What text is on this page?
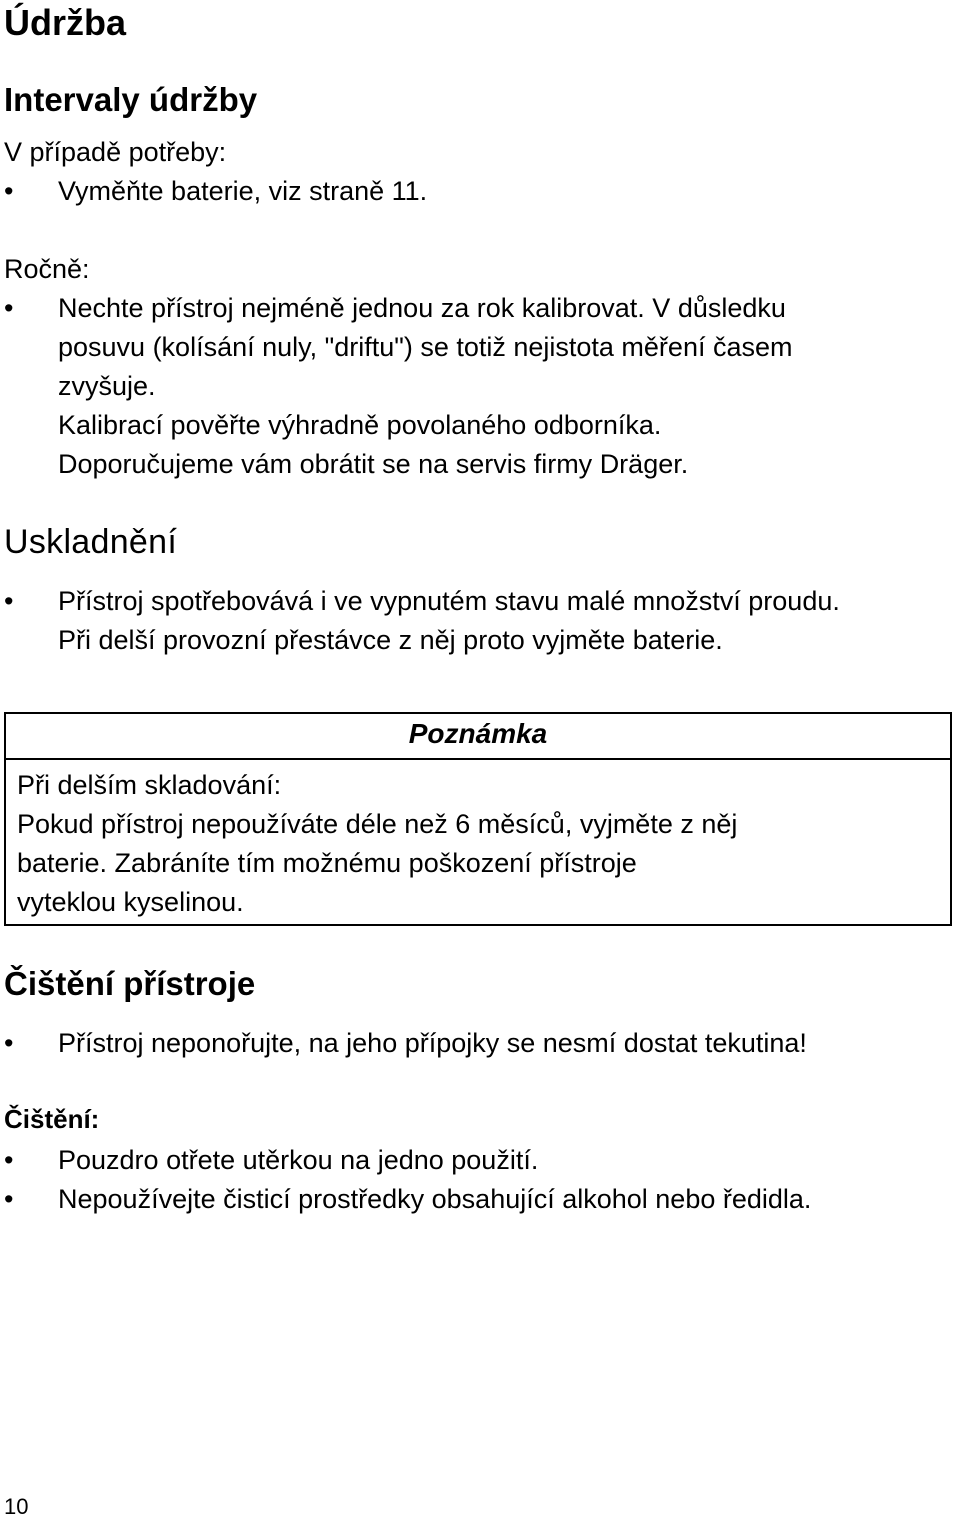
Údržba
Intervaly údržby
V případě potřeby:
• Vyměňte baterie, viz straně 11.
Ročně:
• Nechte přístroj nejméně jednou za rok kalibrovat. V důsledku
posuvu (kolísání nuly, "driftu") se totiž nejistota měření časem
zvyšuje.
Kalibrací pověřte výhradně povolaného odborníka.
Doporučujeme vám obrátit se na servis firmy Dräger.
Uskladnění
• Přístroj spotřebovává i ve vypnutém stavu malé množství proudu.
Při delší provozní přestávce z něj proto vyjměte baterie.
Poznámka
Při delším skladování:
Pokud přístroj nepoužíváte déle než 6 měsíců, vyjměte z něj
baterie. Zabráníte tím možnému poškození přístroje
vyteklou kyselinou.
Čištění přístroje
• Přístroj neponořujte, na jeho přípojky se nesmí dostat tekutina!
Čištění:
• Pouzdro otřete utěrkou na jedno použití.
• Nepoužívejte čisticí prostředky obsahující alkohol nebo ředidla.
10
